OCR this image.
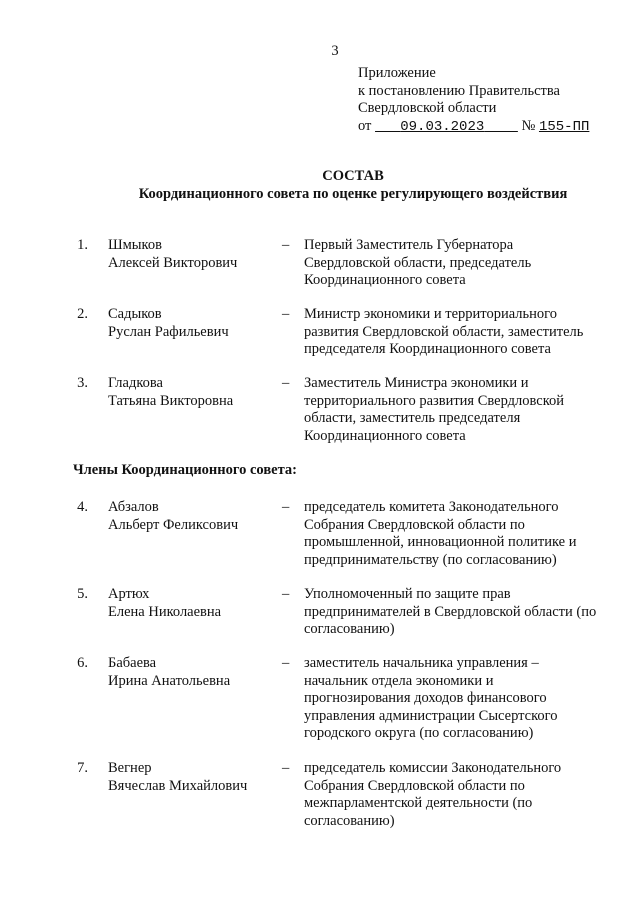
3
Приложение
к постановлению Правительства
Свердловской области
от 09.03.2023	№ 155-ПП
СОСТАВ
Координационного совета по оценке регулирующего воздействия
1. Шмыков
Алексей Викторович
– Первый Заместитель Губернатора Свердловской области, председатель Координационного совета
2. Садыков
Руслан Рафильевич
– Министр экономики и территориального развития Свердловской области, заместитель председателя Координационного совета
3. Гладкова
Татьяна Викторовна
– Заместитель Министра экономики и территориального развития Свердловской области, заместитель председателя Координационного совета
Члены Координационного совета:
4. Абзалов
Альберт Феликсович
– председатель комитета Законодательного Собрания Свердловской области по промышленной, инновационной политике и предпринимательству (по согласованию)
5. Артюх
Елена Николаевна
– Уполномоченный по защите прав предпринимателей в Свердловской области (по согласованию)
6. Бабаева
Ирина Анатольевна
– заместитель начальника управления – начальник отдела экономики и прогнозирования доходов финансового управления администрации Сысертского городского округа (по согласованию)
7. Вегнер
Вячеслав Михайлович
– председатель комиссии Законодательного Собрания Свердловской области по межпарламентской деятельности (по согласованию)
